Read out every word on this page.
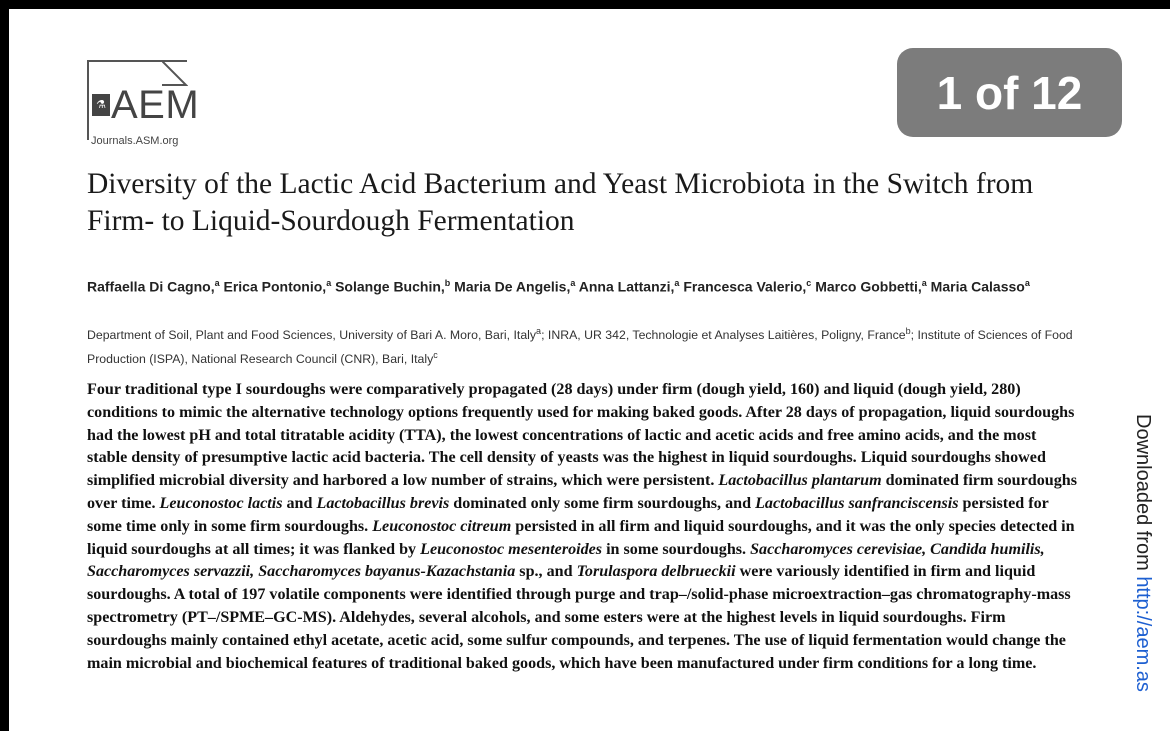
⚗ AEM
Journals.ASM.org
1 of 12
Diversity of the Lactic Acid Bacterium and Yeast Microbiota in the Switch from Firm- to Liquid-Sourdough Fermentation
Raffaella Di Cagno,$^a$ Erica Pontonio,$^a$ Solange Buchin,$^b$ Maria De Angelis,$^a$ Anna Lattanzi,$^a$ Francesca Valerio,$^c$ Marco Gobbetti,$^a$ Maria Calasso$^a$
Department of Soil, Plant and Food Sciences, University of Bari A. Moro, Bari, Italy$^a$; INRA, UR 342, Technologie et Analyses Laitières, Poligny, France$^b$; Institute of Sciences of Food Production (ISPA), National Research Council (CNR), Bari, Italy$^c$

Four traditional type I sourdoughs were comparatively propagated (28 days) under firm (dough yield, 160) and liquid (dough yield, 280) conditions to mimic the alternative technology options frequently used for making baked goods. After 28 days of propagation, liquid sourdoughs had the lowest pH and total titratable acidity (TTA), the lowest concentrations of lactic and acetic acids and free amino acids, and the most stable density of presumptive lactic acid bacteria. The cell density of yeasts was the highest in liquid sourdoughs. Liquid sourdoughs showed simplified microbial diversity and harbored a low number of strains, which were persistent. Lactobacillus plantarum dominated firm sourdoughs over time. Leuconostoc lactis and Lactobacillus brevis dominated only some firm sourdoughs, and Lactobacillus sanfranciscensis persisted for some time only in some firm sourdoughs. Leuconostoc citreum persisted in all firm and liquid sourdoughs, and it was the only species detected in liquid sourdoughs at all times; it was flanked by Leuconostoc mesenteroides in some sourdoughs. Saccharomyces cerevisiae, Candida humilis, Saccharomyces servazzii, Saccharomyces bayanus-Kazachstania sp., and Torulaspora delbrueckii were variously identified in firm and liquid sourdoughs. A total of 197 volatile components were identified through purge and trap–/solid-phase microextraction–gas chromatography-mass spectrometry (PT–/SPME–GC-MS). Aldehydes, several alcohols, and some esters were at the highest levels in liquid sourdoughs. Firm sourdoughs mainly contained ethyl acetate, acetic acid, some sulfur compounds, and terpenes. The use of liquid fermentation would change the main microbial and biochemical features of traditional baked goods, which have been manufactured under firm conditions for a long time.

Downloaded from http://aem.as
